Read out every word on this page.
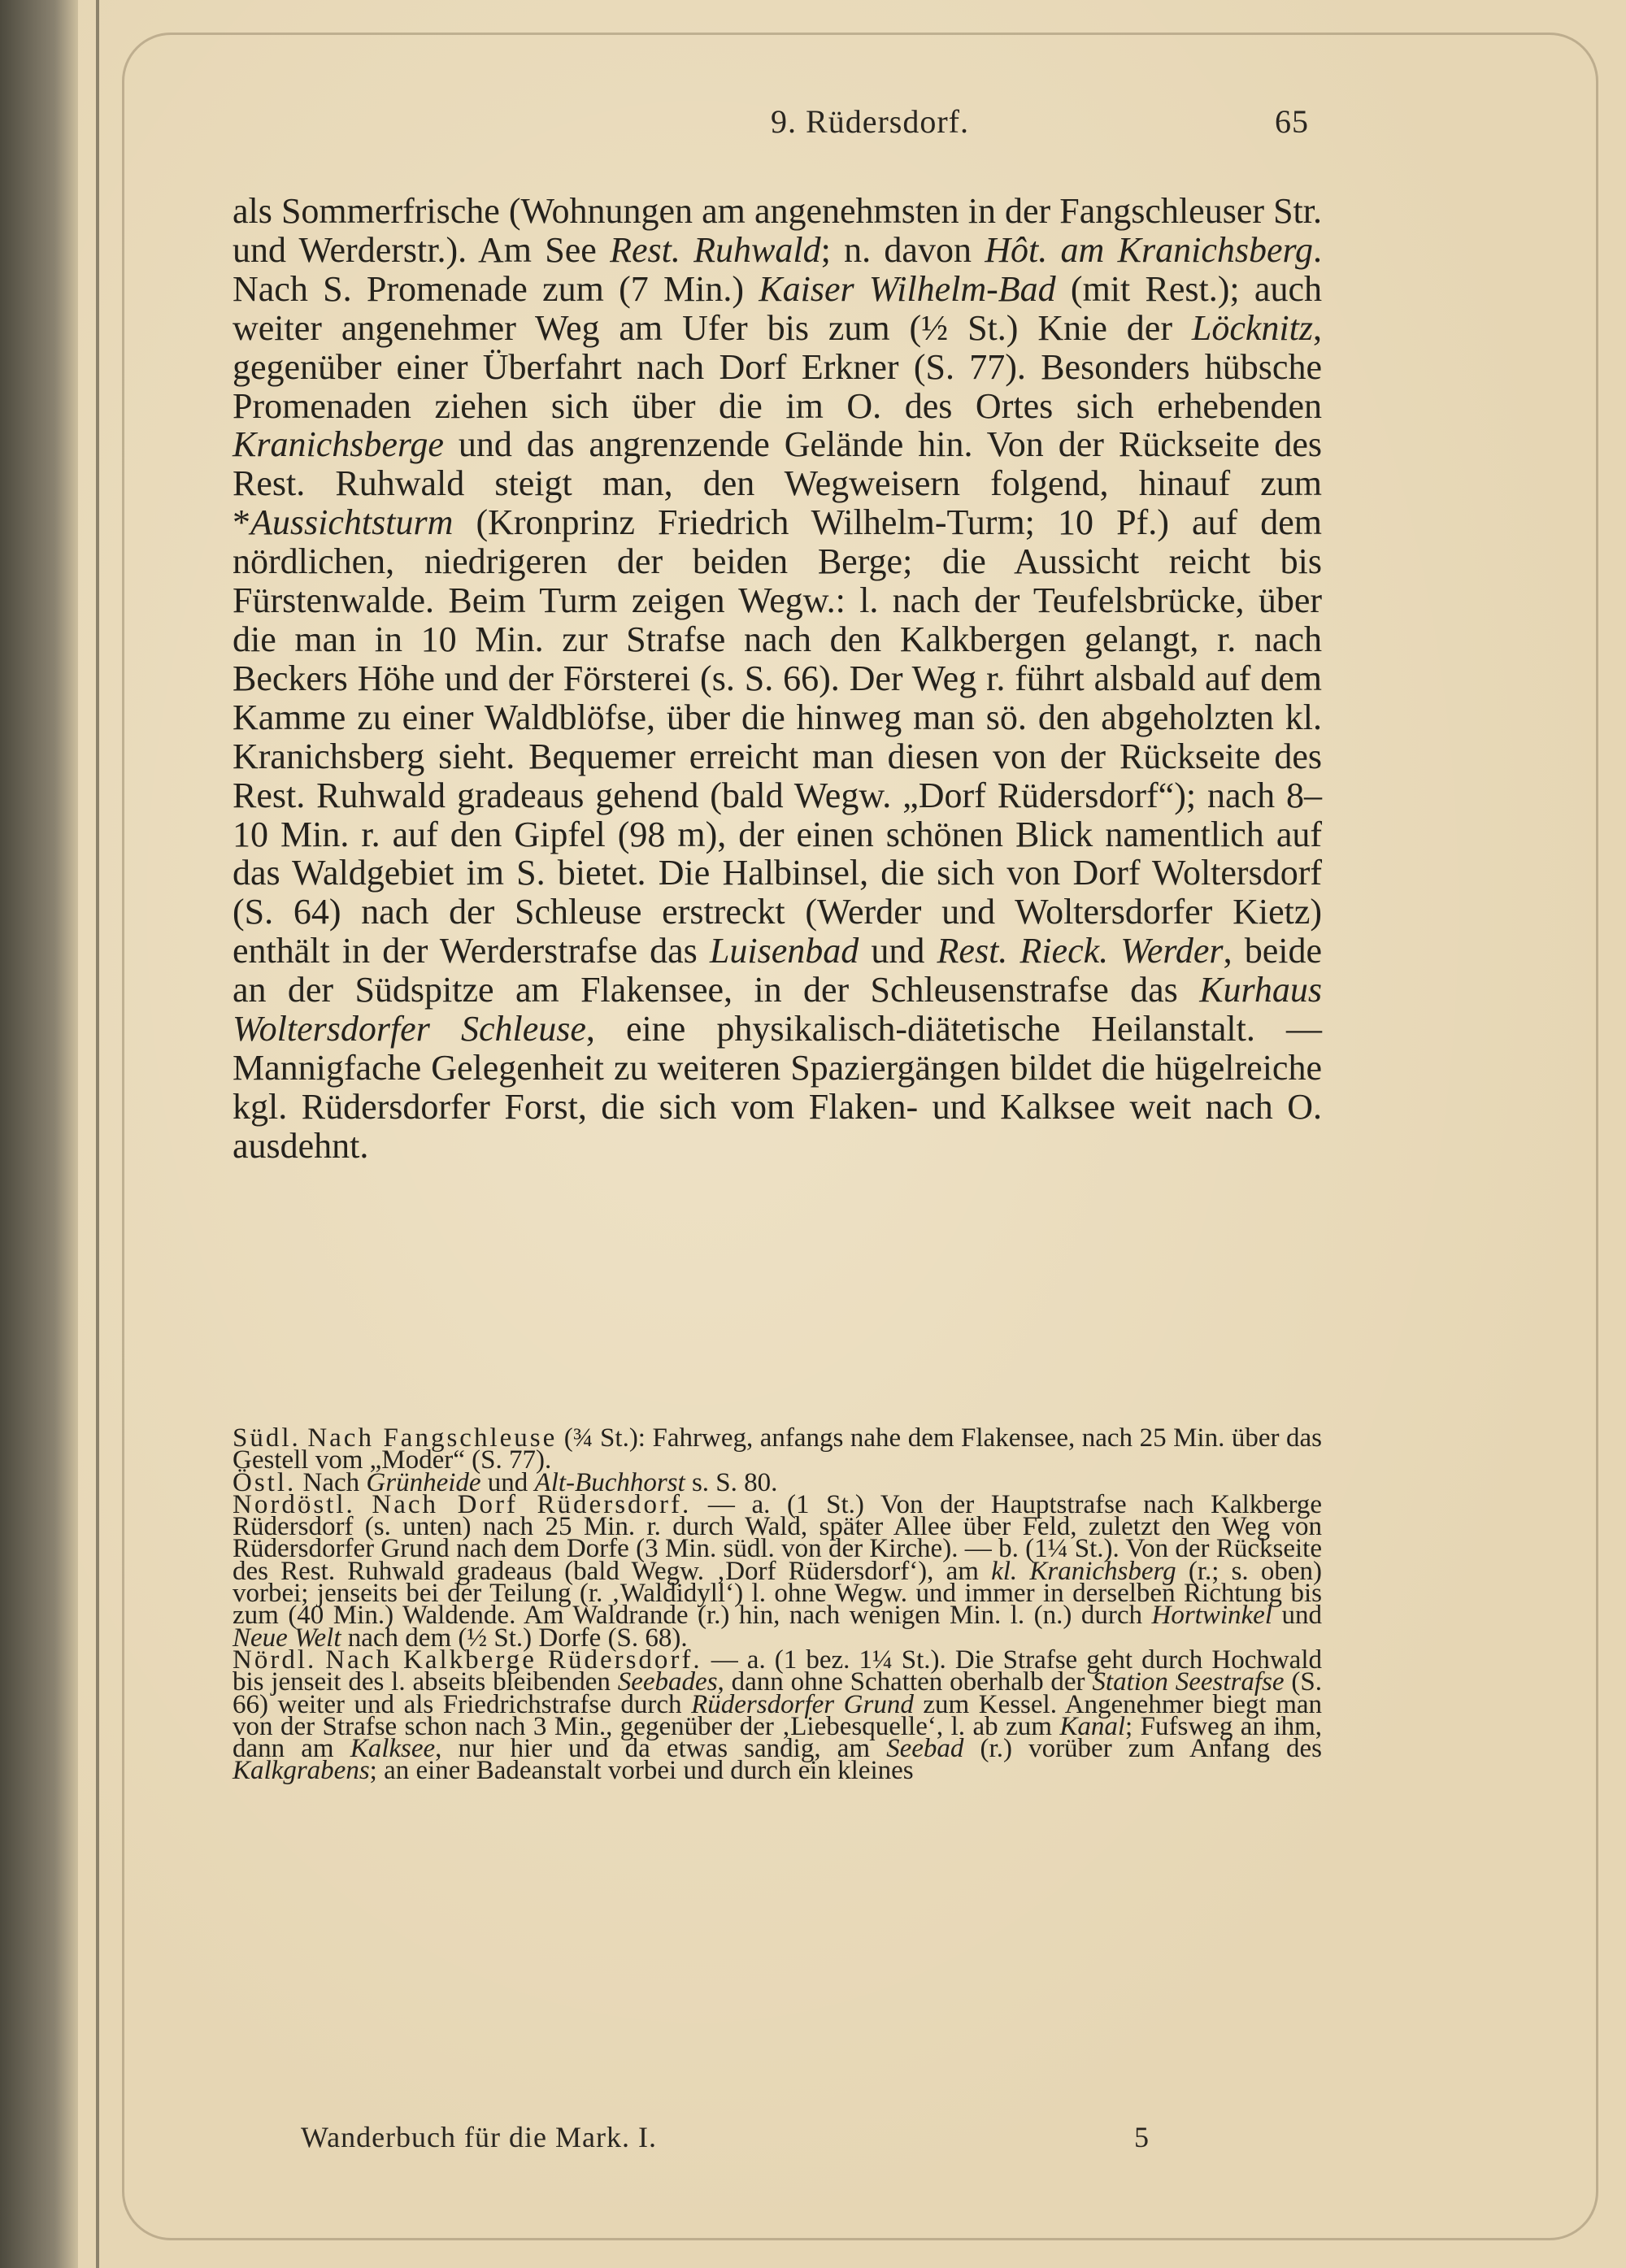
9. Rüdersdorf.	65

als Sommerfrische (Wohnungen am angenehmsten in der Fangschleuser Str. und Werderstr.). Am See Rest. Ruhwald; n. davon Hôt. am Kranichsberg. Nach S. Promenade zum (7 Min.) Kaiser Wilhelm-Bad (mit Rest.); auch weiter angenehmer Weg am Ufer bis zum (½ St.) Knie der Löcknitz, gegenüber einer Überfahrt nach Dorf Erkner (S. 77). Besonders hübsche Promenaden ziehen sich über die im O. des Ortes sich erhebenden Kranichsberge und das angrenzende Gelände hin. Von der Rückseite des Rest. Ruhwald steigt man, den Wegweisern folgend, hinauf zum *Aussichtsturm (Kronprinz Friedrich Wilhelm-Turm; 10 Pf.) auf dem nördlichen, niedrigeren der beiden Berge; die Aussicht reicht bis Fürstenwalde. Beim Turm zeigen Wegw.: l. nach der Teufelsbrücke, über die man in 10 Min. zur Strafse nach den Kalkbergen gelangt, r. nach Beckers Höhe und der Försterei (s. S. 66). Der Weg r. führt alsbald auf dem Kamme zu einer Waldblöfse, über die hinweg man sö. den abgeholzten kl. Kranichsberg sieht. Bequemer erreicht man diesen von der Rückseite des Rest. Ruhwald gradeaus gehend (bald Wegw. „Dorf Rüdersdorf“); nach 8–10 Min. r. auf den Gipfel (98 m), der einen schönen Blick namentlich auf das Waldgebiet im S. bietet. Die Halbinsel, die sich von Dorf Woltersdorf (S. 64) nach der Schleuse erstreckt (Werder und Woltersdorfer Kietz) enthält in der Werderstrafse das Luisenbad und Rest. Rieck. Werder, beide an der Südspitze am Flakensee, in der Schleusenstrafse das Kurhaus Woltersdorfer Schleuse, eine physikalisch-diätetische Heilanstalt. — Mannigfache Gelegenheit zu weiteren Spaziergängen bildet die hügelreiche kgl. Rüdersdorfer Forst, die sich vom Flaken- und Kalksee weit nach O. ausdehnt.

Südl. Nach Fangschleuse (¾ St.): Fahrweg, anfangs nahe dem Flakensee, nach 25 Min. über das Gestell vom „Moder“ (S. 77).

Östl. Nach Grünheide und Alt-Buchhorst s. S. 80.

Nordöstl. Nach Dorf Rüdersdorf. — a. (1 St.) Von der Hauptstrafse nach Kalkberge Rüdersdorf (s. unten) nach 25 Min. r. durch Wald, später Allee über Feld, zuletzt den Weg von Rüdersdorfer Grund nach dem Dorfe (3 Min. südl. von der Kirche). — b. (1¼ St.). Von der Rückseite des Rest. Ruhwald gradeaus (bald Wegw. ‚Dorf Rüdersdorf‘), am kl. Kranichsberg (r.; s. oben) vorbei; jenseits bei der Teilung (r. ‚Waldidyll‘) l. ohne Wegw. und immer in derselben Richtung bis zum (40 Min.) Waldende. Am Waldrande (r.) hin, nach wenigen Min. l. (n.) durch Hortwinkel und Neue Welt nach dem (½ St.) Dorfe (S. 68).

Nördl. Nach Kalkberge Rüdersdorf. — a. (1 bez. 1¼ St.). Die Strafse geht durch Hochwald bis jenseit des l. abseits bleibenden Seebades, dann ohne Schatten oberhalb der Station Seestrafse (S. 66) weiter und als Friedrichstrafse durch Rüdersdorfer Grund zum Kessel. Angenehmer biegt man von der Strafse schon nach 3 Min., gegenüber der ‚Liebesquelle‘, l. ab zum Kanal; Fufsweg an ihm, dann am Kalksee, nur hier und da etwas sandig, am Seebad (r.) vorüber zum Anfang des Kalkgrabens; an einer Badeanstalt vorbei und durch ein kleines

Wanderbuch für die Mark. I.	5
